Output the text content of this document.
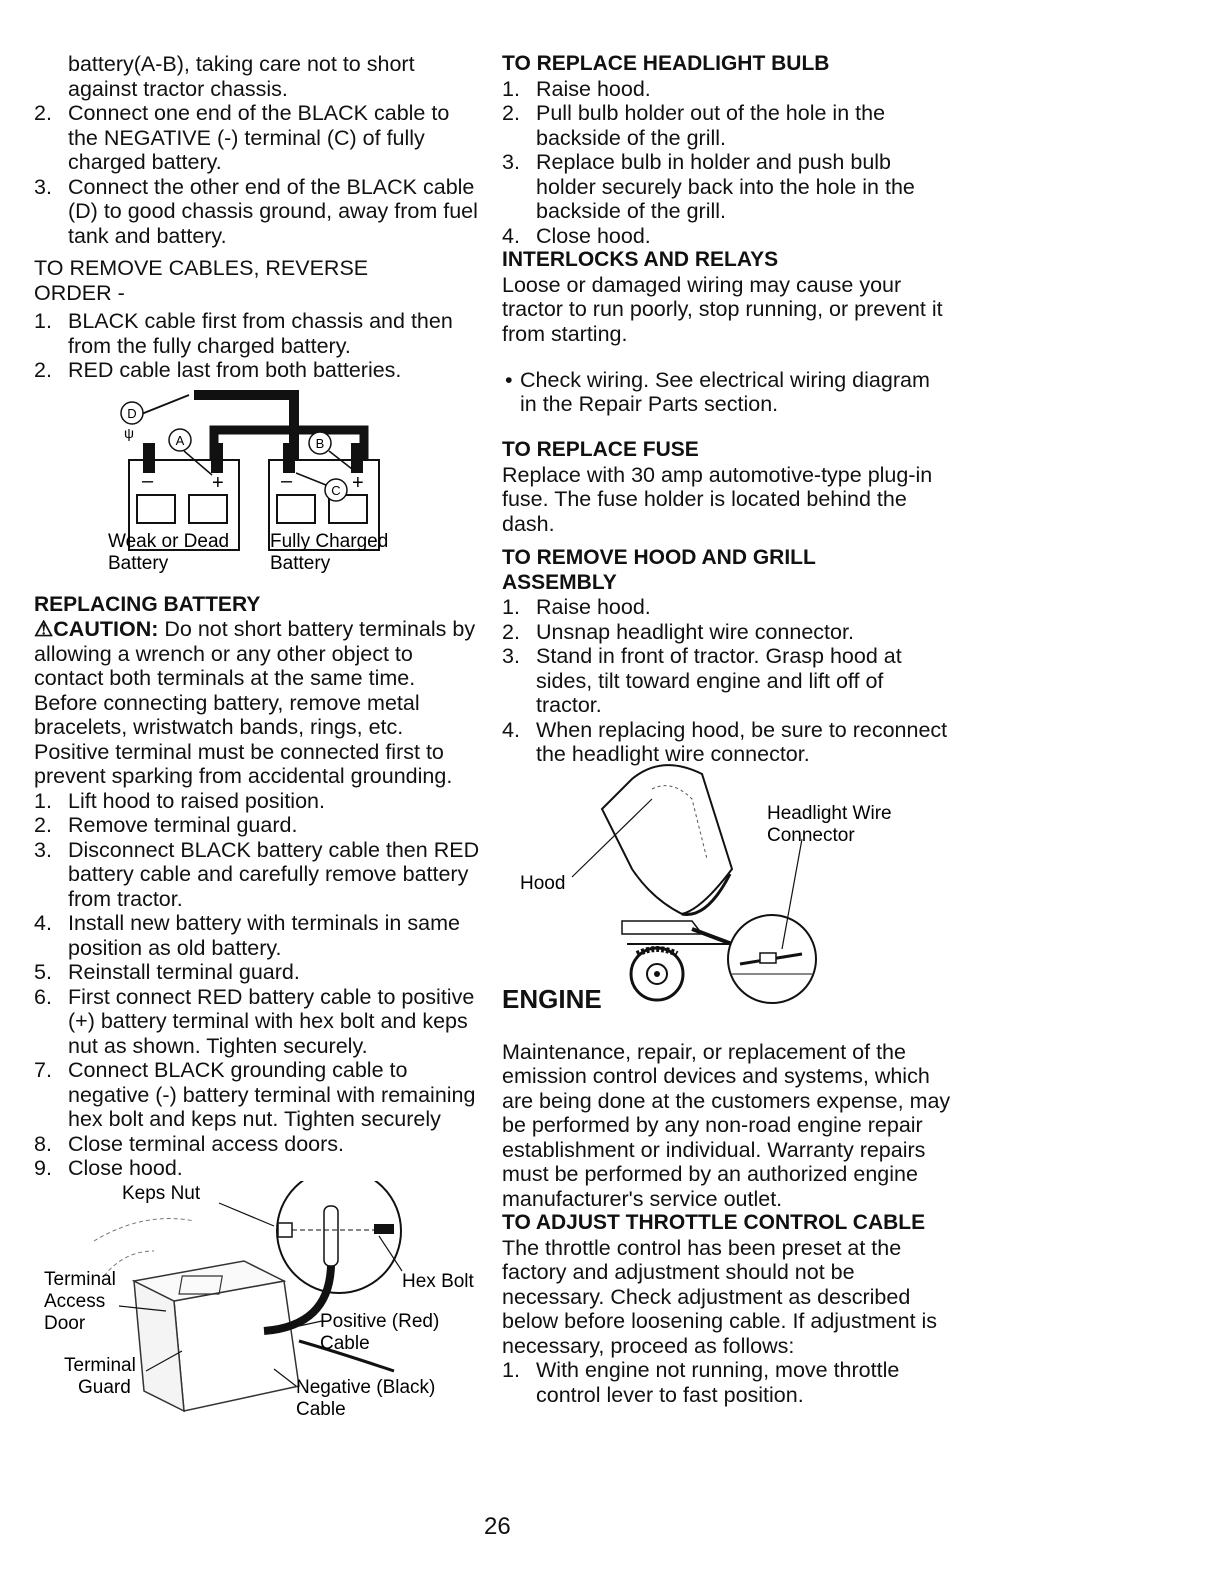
battery(A-B), taking care not to short against tractor chassis.

2. Connect one end of the BLACK cable to the NEGATIVE (-) terminal (C) of fully charged battery.

3. Connect the other end of the BLACK cable (D) to good chassis ground, away from fuel tank and battery.

TO REMOVE CABLES, REVERSE ORDER -

1. BLACK cable first from chassis and then from the fully charged battery.

2. RED cable last from both batteries.

–	+	–	+
D
ψ	A	B
C
Weak or Dead
Battery
Fully Charged
Battery

REPLACING BATTERY

⚠CAUTION: Do not short battery terminals by allowing a wrench or any other object to contact both terminals at the same time. Before connecting battery, remove metal bracelets, wristwatch bands, rings, etc.

Positive terminal must be connected first to prevent sparking from accidental grounding.

1. Lift hood to raised position.

2. Remove terminal guard.

3. Disconnect BLACK battery cable then RED battery cable and carefully remove battery from tractor.

4. Install new battery with terminals in same position as old battery.

5. Reinstall terminal guard.

6. First connect RED battery cable to positive (+) battery terminal with hex bolt and keps nut as shown. Tighten securely.

7. Connect BLACK grounding cable to negative (-) battery terminal with remaining hex bolt and keps nut. Tighten securely

8. Close terminal access doors.

9. Close hood.

Keps Nut
Hex Bolt
Terminal
Access
Door	Positive (Red)
Cable
Terminal
Guard	Negative (Black)
Cable

TO REPLACE HEADLIGHT BULB

1. Raise hood.

2. Pull bulb holder out of the hole in the backside of the grill.

3. Replace bulb in holder and push bulb holder securely back into the hole in the backside of the grill.

4. Close hood.

INTERLOCKS AND RELAYS

Loose or damaged wiring may cause your tractor to run poorly, stop running, or prevent it from starting.

• Check wiring. See electrical wiring diagram in the Repair Parts section.

TO REPLACE FUSE

Replace with 30 amp automotive-type plug-in fuse. The fuse holder is located behind the dash.

TO REMOVE HOOD AND GRILL ASSEMBLY

1. Raise hood.

2. Unsnap headlight wire connector.

3. Stand in front of tractor. Grasp hood at sides, tilt toward engine and lift off of tractor.

4. When replacing hood, be sure to reconnect the headlight wire connector.

Hood
Headlight Wire
Connector

ENGINE

Maintenance, repair, or replacement of the emission control devices and systems, which are being done at the customers expense, may be performed by any non-road engine repair establishment or individual. Warranty repairs must be performed by an authorized engine manufacturer's service outlet.

TO ADJUST THROTTLE CONTROL CABLE

The throttle control has been preset at the factory and adjustment should not be necessary. Check adjustment as described below before loosening cable. If adjustment is necessary, proceed as follows:

1. With engine not running, move throttle control lever to fast position.

26
